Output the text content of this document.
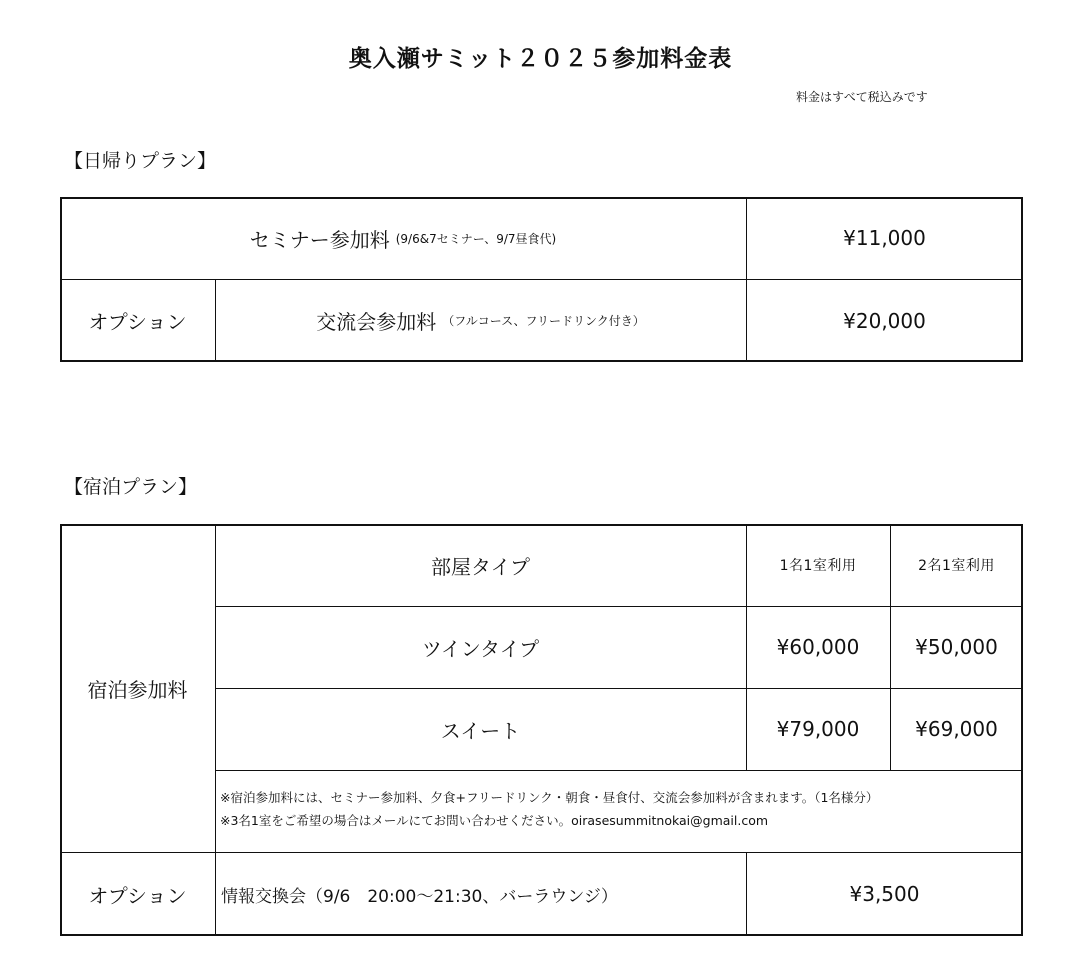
奥入瀬サミット２０２５参加料金表
料金はすべて税込みです
【日帰りプラン】
セミナー参加料 (9/6&7セミナー、9/7昼食代)	¥11,000
オプション	交流会参加料 （フルコース、フリードリンク付き）	¥20,000
【宿泊プラン】
宿泊参加料
部屋タイプ	1名1室利用	2名1室利用
ツインタイプ	¥60,000	¥50,000
スイート	¥79,000	¥69,000
※宿泊参加料には、セミナー参加料、夕食+フリードリンク・朝食・昼食付、交流会参加料が含まれます。（1名様分）
※3名1室をご希望の場合はメールにてお問い合わせください。oirasesummitnokai@gmail.com
オプション	情報交換会（9/6　20:00〜21:30、バーラウンジ）	¥3,500
